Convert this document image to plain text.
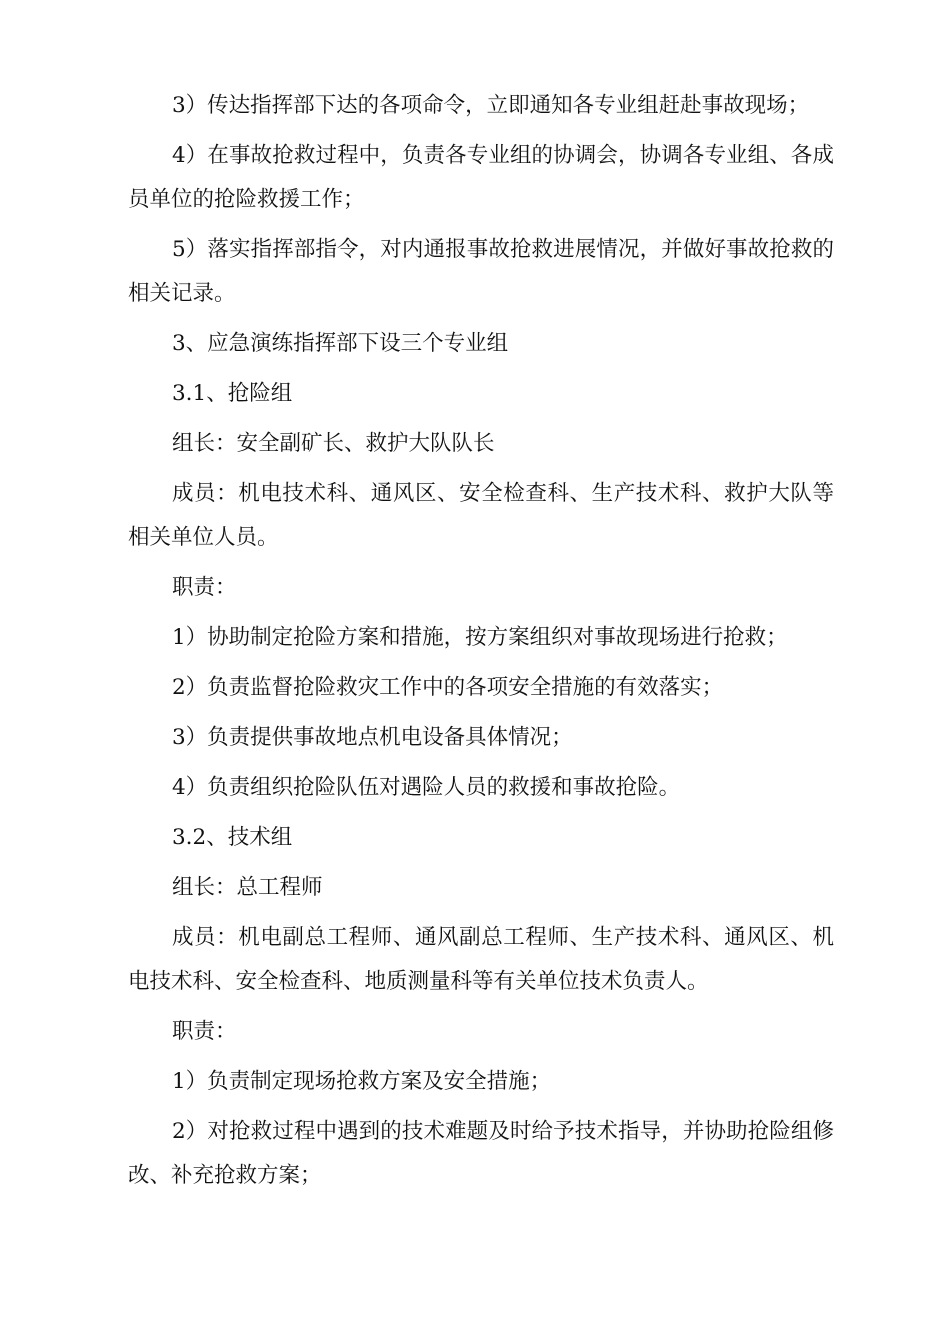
3）传达指挥部下达的各项命令，立即通知各专业组赶赴事故现场；

4）在事故抢救过程中，负责各专业组的协调会，协调各专业组、各成员单位的抢险救援工作；

5）落实指挥部指令，对内通报事故抢救进展情况，并做好事故抢救的相关记录。

3、应急演练指挥部下设三个专业组

3.1、抢险组

组长：安全副矿长、救护大队队长

成员：机电技术科、通风区、安全检查科、生产技术科、救护大队等相关单位人员。

职责：

1）协助制定抢险方案和措施，按方案组织对事故现场进行抢救；

2）负责监督抢险救灾工作中的各项安全措施的有效落实；

3）负责提供事故地点机电设备具体情况；

4）负责组织抢险队伍对遇险人员的救援和事故抢险。

3.2、技术组

组长：总工程师

成员：机电副总工程师、通风副总工程师、生产技术科、通风区、机电技术科、安全检查科、地质测量科等有关单位技术负责人。

职责：

1）负责制定现场抢救方案及安全措施；

2）对抢救过程中遇到的技术难题及时给予技术指导，并协助抢险组修改、补充抢救方案；
